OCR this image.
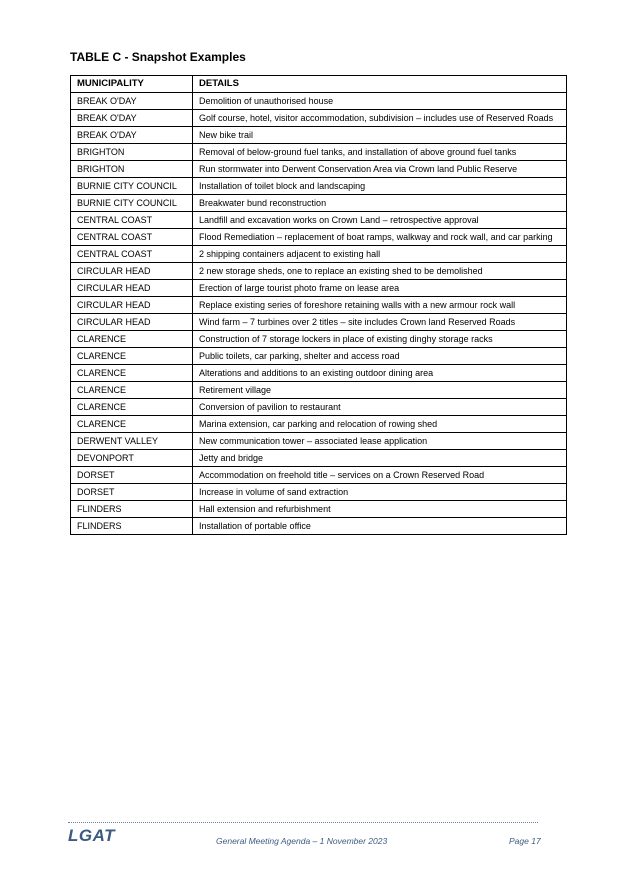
TABLE C - Snapshot Examples
MUNICIPALITY	DETAILS
BREAK O'DAY	Demolition of unauthorised house
BREAK O'DAY	Golf course, hotel, visitor accommodation, subdivision – includes use of Reserved Roads
BREAK O'DAY	New bike trail
BRIGHTON	Removal of below-ground fuel tanks, and installation of above ground fuel tanks
BRIGHTON	Run stormwater into Derwent Conservation Area via Crown land Public Reserve
BURNIE CITY COUNCIL	Installation of toilet block and landscaping
BURNIE CITY COUNCIL	Breakwater bund reconstruction
CENTRAL COAST	Landfill and excavation works on Crown Land – retrospective approval
CENTRAL COAST	Flood Remediation – replacement of boat ramps, walkway and rock wall, and car parking
CENTRAL COAST	2 shipping containers adjacent to existing hall
CIRCULAR HEAD	2 new storage sheds, one to replace an existing shed to be demolished
CIRCULAR HEAD	Erection of large tourist photo frame on lease area
CIRCULAR HEAD	Replace existing series of foreshore retaining walls with a new armour rock wall
CIRCULAR HEAD	Wind farm – 7 turbines over 2 titles – site includes Crown land Reserved Roads
CLARENCE	Construction of 7 storage lockers in place of existing dinghy storage racks
CLARENCE	Public toilets, car parking, shelter and access road
CLARENCE	Alterations and additions to an existing outdoor dining area
CLARENCE	Retirement village
CLARENCE	Conversion of pavilion to restaurant
CLARENCE	Marina extension, car parking and relocation of rowing shed
DERWENT VALLEY	New communication tower – associated lease application
DEVONPORT	Jetty and bridge
DORSET	Accommodation on freehold title – services on a Crown Reserved Road
DORSET	Increase in volume of sand extraction
FLINDERS	Hall extension and refurbishment
FLINDERS	Installation of portable office
LGAT	General Meeting Agenda – 1 November 2023	Page 17
